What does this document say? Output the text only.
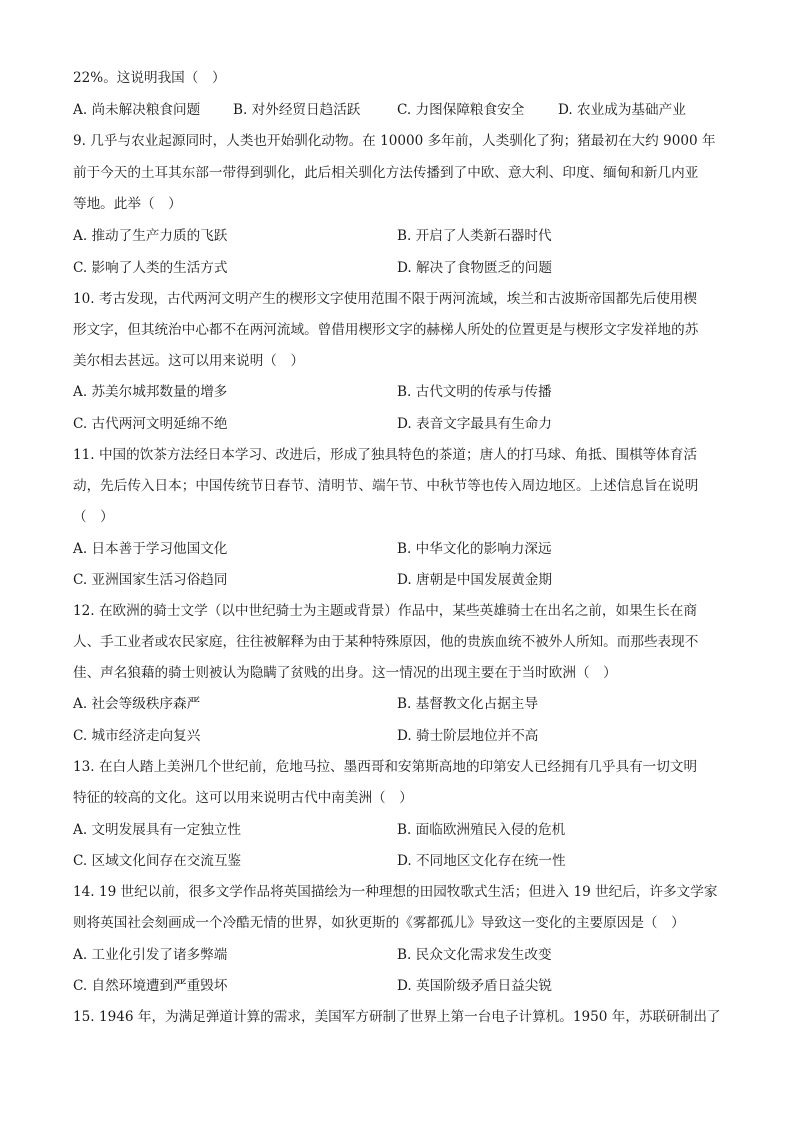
22%。这说明我国（　）
A. 尚未解决粮食问题 B. 对外经贸日趋活跃	C. 力图保障粮食安全 D. 农业成为基础产业
9. 几乎与农业起源同时，人类也开始驯化动物。在 10000 多年前，人类驯化了狗；猪最初在大约 9000 年
前于今天的土耳其东部一带得到驯化，此后相关驯化方法传播到了中欧、意大利、印度、缅甸和新几内亚
等地。此举（　）
A. 推动了生产力质的飞跃	B. 开启了人类新石器时代
C. 影响了人类的生活方式	D. 解决了食物匮乏的问题
10. 考古发现，古代两河文明产生的楔形文字使用范围不限于两河流域，埃兰和古波斯帝国都先后使用楔
形文字，但其统治中心都不在两河流域。曾借用楔形文字的赫梯人所处的位置更是与楔形文字发祥地的苏
美尔相去甚远。这可以用来说明（　）
A. 苏美尔城邦数量的增多	B. 古代文明的传承与传播
C. 古代两河文明延绵不绝	D. 表音文字最具有生命力
11. 中国的饮茶方法经日本学习、改进后，形成了独具特色的茶道；唐人的打马球、角抵、围棋等体育活
动，先后传入日本；中国传统节日春节、清明节、端午节、中秋节等也传入周边地区。上述信息旨在说明
（　）
A. 日本善于学习他国文化	B. 中华文化的影响力深远
C. 亚洲国家生活习俗趋同	D. 唐朝是中国发展黄金期
12. 在欧洲的骑士文学（以中世纪骑士为主题或背景）作品中，某些英雄骑士在出名之前，如果生长在商
人、手工业者或农民家庭，往往被解释为由于某种特殊原因，他的贵族血统不被外人所知。而那些表现不
佳、声名狼藉的骑士则被认为隐瞒了贫贱的出身。这一情况的出现主要在于当时欧洲（　）
A. 社会等级秩序森严	B. 基督教文化占据主导
C. 城市经济走向复兴	D. 骑士阶层地位并不高
13. 在白人踏上美洲几个世纪前，危地马拉、墨西哥和安第斯高地的印第安人已经拥有几乎具有一切文明
特征的较高的文化。这可以用来说明古代中南美洲（　）
A. 文明发展具有一定独立性	B. 面临欧洲殖民入侵的危机
C. 区域文化间存在交流互鉴	D. 不同地区文化存在统一性
14. 19 世纪以前，很多文学作品将英国描绘为一种理想的田园牧歌式生活；但进入 19 世纪后，许多文学家
则将英国社会刻画成一个冷酷无情的世界，如狄更斯的《雾都孤儿》导致这一变化的主要原因是（　）
A. 工业化引发了诸多弊端	B. 民众文化需求发生改变
C. 自然环境遭到严重毁坏	D. 英国阶级矛盾日益尖锐
15. 1946 年，为满足弹道计算的需求，美国军方研制了世界上第一台电子计算机。1950 年，苏联研制出了
